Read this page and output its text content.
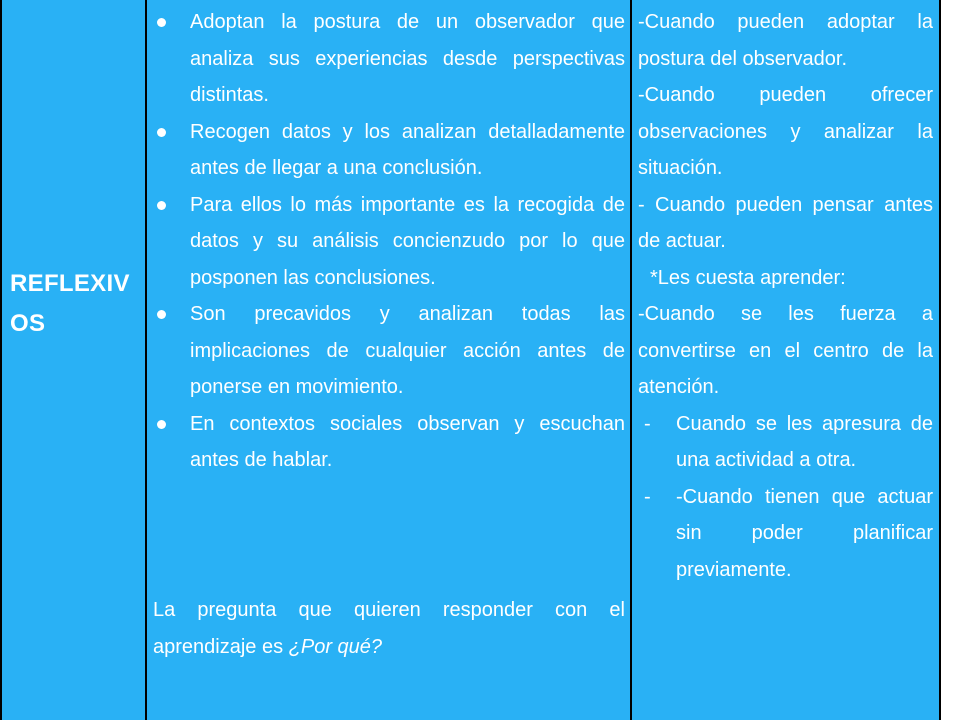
REFLEXIVOS
Adoptan la postura de un observador que analiza sus experiencias desde perspectivas distintas.
Recogen datos y los analizan detalladamente antes de llegar a una conclusión.
Para ellos lo más importante es la recogida de datos y su análisis concienzudo por lo que posponen las conclusiones.
Son precavidos y analizan todas las implicaciones de cualquier acción antes de ponerse en movimiento.
En contextos sociales observan y escuchan antes de hablar.

La pregunta que quieren responder con el aprendizaje es ¿Por qué?

-Cuando pueden adoptar la postura del observador.

-Cuando pueden ofrecer observaciones y analizar la situación.

- Cuando pueden pensar antes de actuar.

*Les cuesta aprender:

-Cuando se les fuerza a convertirse en el centro de la atención.

- Cuando se les apresura de una actividad a otra.
- -Cuando tienen que actuar sin poder planificar previamente.
